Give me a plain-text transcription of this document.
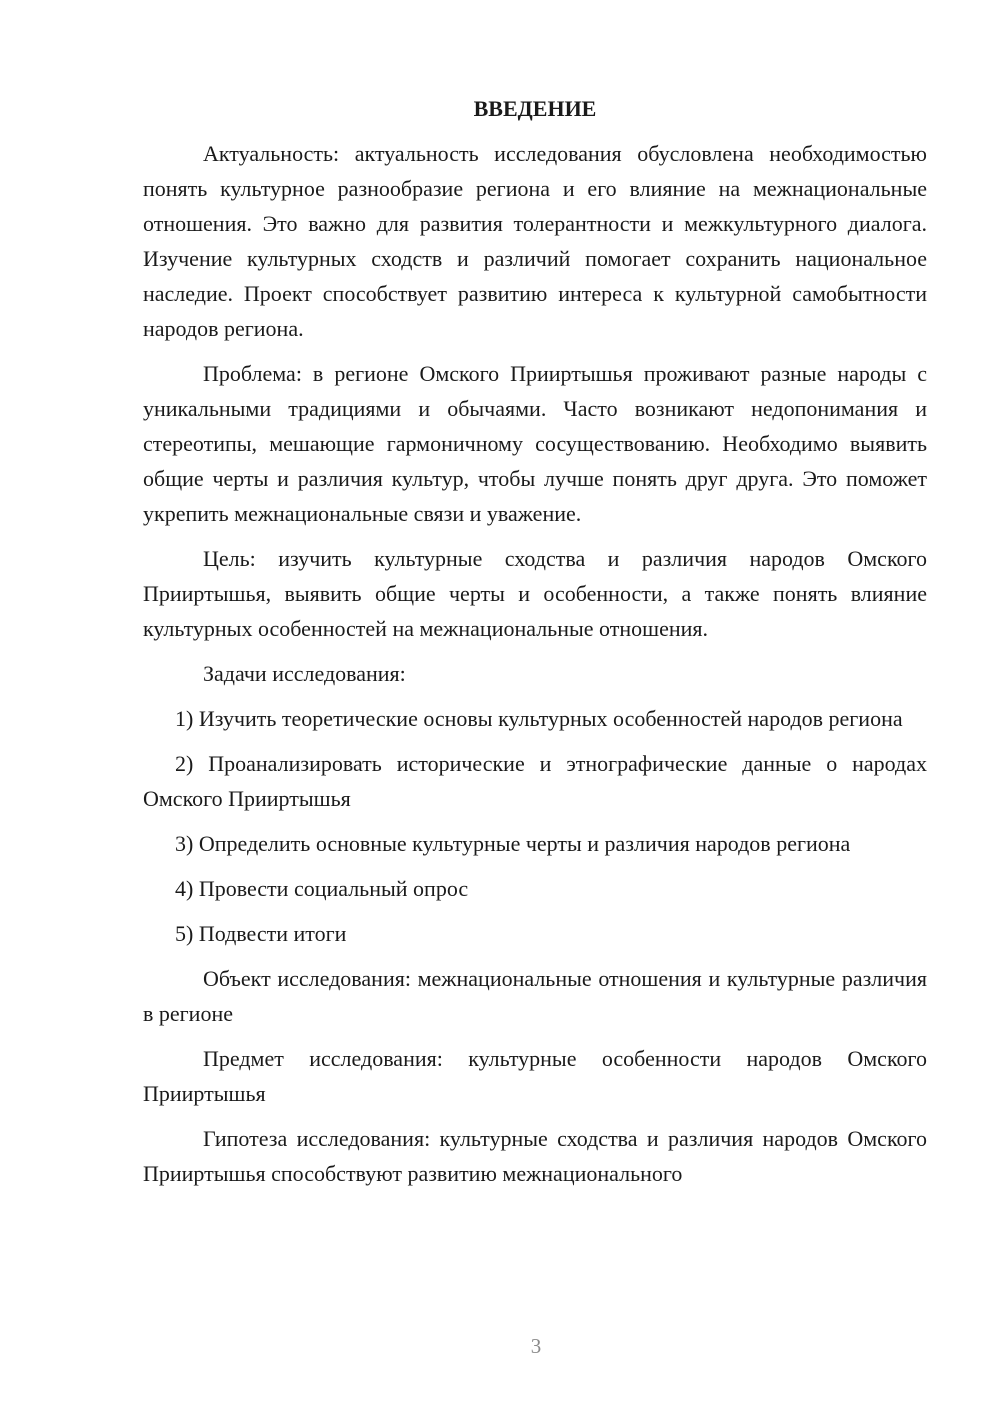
ВВЕДЕНИЕ
Актуальность: актуальность исследования обусловлена необходимостью понять культурное разнообразие региона и его влияние на межнациональные отношения. Это важно для развития толерантности и межкультурного диалога. Изучение культурных сходств и различий помогает сохранить национальное наследие. Проект способствует развитию интереса к культурной самобытности народов региона.
Проблема: в регионе Омского Прииртышья проживают разные народы с уникальными традициями и обычаями. Часто возникают недопонимания и стереотипы, мешающие гармоничному сосуществованию. Необходимо выявить общие черты и различия культур, чтобы лучше понять друг друга. Это поможет укрепить межнациональные связи и уважение.
Цель: изучить культурные сходства и различия народов Омского Прииртышья, выявить общие черты и особенности, а также понять влияние культурных особенностей на межнациональные отношения.
Задачи исследования:
1) Изучить теоретические основы культурных особенностей народов региона
2) Проанализировать исторические и этнографические данные о народах Омского Прииртышья
3) Определить основные культурные черты и различия народов региона
4) Провести социальный опрос
5) Подвести итоги
Объект исследования: межнациональные отношения и культурные различия в регионе
Предмет исследования: культурные особенности народов Омского Прииртышья
Гипотеза исследования: культурные сходства и различия народов Омского Прииртышья способствуют развитию межнационального
3
